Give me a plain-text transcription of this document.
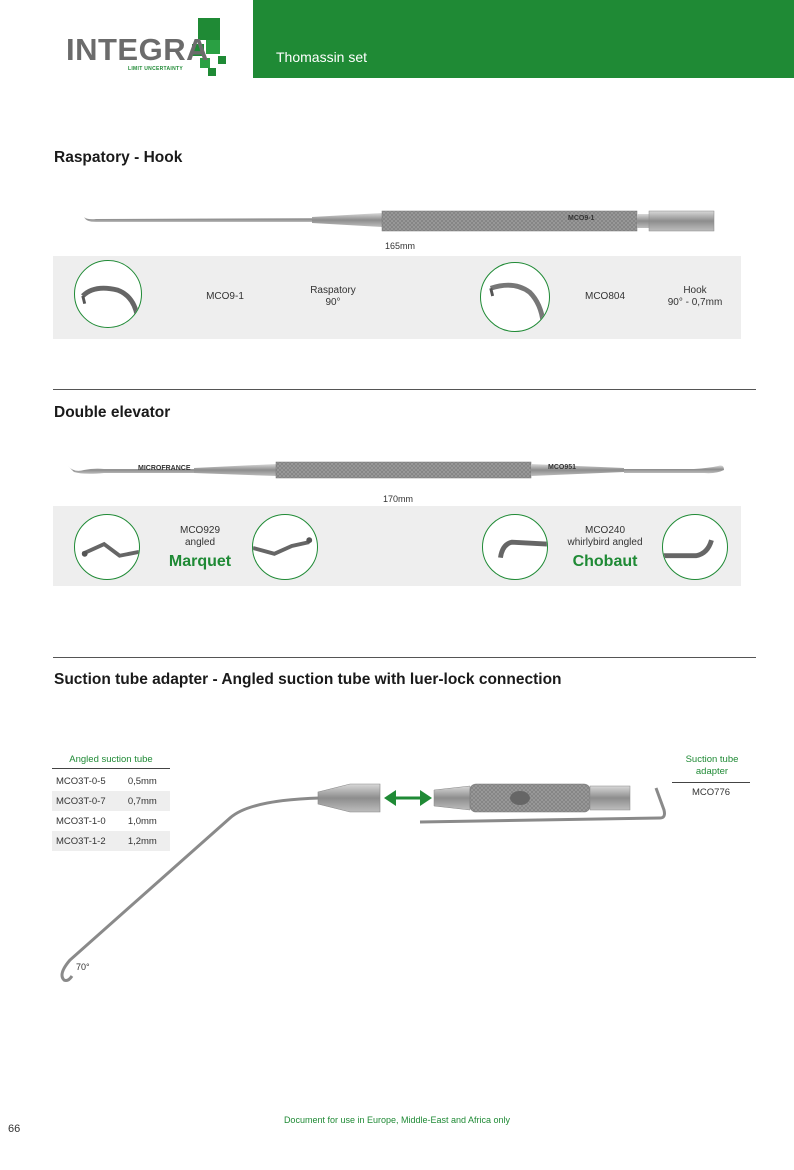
Thomassin set
INTEGRA
LIMIT UNCERTAINTY
Raspatory - Hook
MCO9-1
165mm
MCO9-1
Raspatory
90°
MCO804
Hook
90° - 0,7mm
Double elevator
MICROFRANCE	MCO951
170mm
MCO929
angled
Marquet
MCO240
whirlybird angled
Chobaut
Suction tube adapter - Angled suction tube with luer-lock connection
Angled suction tube
MCO3T-0-5	0,5mm
MCO3T-0-7	0,7mm
MCO3T-1-0	1,0mm
MCO3T-1-2	1,2mm
70°
Suction tube adapter
MCO776
Document for use in Europe, Middle-East and Africa only
66
